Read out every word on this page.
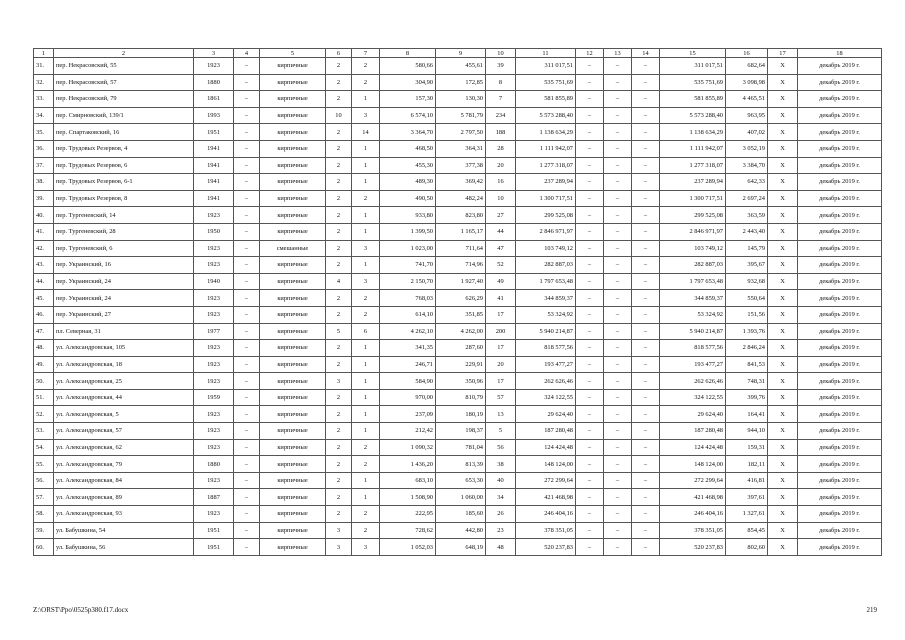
1	2	3	4	5	6	7	8	9	10	11	12	13	14	15	16	17	18
31.	пер. Некрасовский, 55	1923	–	кирпичные	2	2	580,66	455,61	39	311 017,51	–	–	–	311 017,51	682,64	Х	декабрь 2019 г.
32.	пер. Некрасовский, 57	1880	–	кирпичные	2	2	304,90	172,85	8	535 751,69	–	–	–	535 751,69	3 098,98	Х	декабрь 2019 г.
33.	пер. Некрасовский, 79	1861	–	кирпичные	2	1	157,30	130,30	7	581 855,89	–	–	–	581 855,89	4 465,51	Х	декабрь 2019 г.
34.	пер. Смирновский, 139/1	1993	–	кирпичные	10	3	6 574,10	5 781,79	234	5 573 288,40	–	–	–	5 573 288,40	963,95	Х	декабрь 2019 г.
35.	пер. Спартаковский, 16	1951	–	кирпичные	2	14	3 364,70	2 797,50	188	1 138 634,29	–	–	–	1 138 634,29	407,02	Х	декабрь 2019 г.
36.	пер. Трудовых Резервов, 4	1941	–	кирпичные	2	1	468,50	364,31	28	1 111 942,07	–	–	–	1 111 942,07	3 052,19	Х	декабрь 2019 г.
37.	пер. Трудовых Резервов, 6	1941	–	кирпичные	2	1	455,30	377,38	20	1 277 318,07	–	–	–	1 277 318,07	3 384,70	Х	декабрь 2019 г.
38.	пер. Трудовых Резервов, 6-1	1941	–	кирпичные	2	1	489,30	369,42	16	237 289,94	–	–	–	237 289,94	642,33	Х	декабрь 2019 г.
39.	пер. Трудовых Резервов, 8	1941	–	кирпичные	2	2	490,50	482,24	10	1 300 717,51	–	–	–	1 300 717,51	2 697,24	Х	декабрь 2019 г.
40.	пер. Тургеневский, 14	1923	–	кирпичные	2	1	933,80	823,80	27	299 525,08	–	–	–	299 525,08	363,59	Х	декабрь 2019 г.
41.	пер. Тургеневский, 28	1950	–	кирпичные	2	1	1 399,50	1 165,17	44	2 846 971,97	–	–	–	2 846 971,97	2 443,40	Х	декабрь 2019 г.
42.	пер. Тургеневский, 6	1923	–	смешанные	2	3	1 023,00	711,64	47	103 749,12	–	–	–	103 749,12	145,79	Х	декабрь 2019 г.
43.	пер. Украинский, 16	1923	–	кирпичные	2	1	741,70	714,96	52	282 887,03	–	–	–	282 887,03	395,67	Х	декабрь 2019 г.
44.	пер. Украинский, 24	1940	–	кирпичные	4	3	2 150,70	1 927,40	49	1 797 653,48	–	–	–	1 797 653,48	932,68	Х	декабрь 2019 г.
45.	пер. Украинский, 24	1923	–	кирпичные	2	2	768,03	626,29	41	344 859,37	–	–	–	344 859,37	550,64	Х	декабрь 2019 г.
46.	пер. Украинский, 27	1923	–	кирпичные	2	2	614,10	351,85	17	53 324,92	–	–	–	53 324,92	151,56	Х	декабрь 2019 г.
47.	пл. Северная, 31	1977	–	кирпичные	5	6	4 262,10	4 262,00	200	5 940 214,87	–	–	–	5 940 214,87	1 393,76	Х	декабрь 2019 г.
48.	ул. Александровская, 105	1923	–	кирпичные	2	1	341,35	287,60	17	818 577,56	–	–	–	818 577,56	2 846,24	Х	декабрь 2019 г.
49.	ул. Александровская, 18	1923	–	кирпичные	2	1	246,71	229,91	20	193 477,27	–	–	–	193 477,27	841,53	Х	декабрь 2019 г.
50.	ул. Александровская, 25	1923	–	кирпичные	3	1	584,90	350,96	17	262 626,46	–	–	–	262 626,46	748,31	Х	декабрь 2019 г.
51.	ул. Александровская, 44	1959	–	кирпичные	2	1	970,00	810,79	57	324 122,55	–	–	–	324 122,55	399,76	Х	декабрь 2019 г.
52.	ул. Александровская, 5	1923	–	кирпичные	2	1	237,09	180,19	13	29 624,40	–	–	–	29 624,40	164,41	Х	декабрь 2019 г.
53.	ул. Александровская, 57	1923	–	кирпичные	2	1	212,42	198,37	5	187 280,48	–	–	–	187 280,48	944,10	Х	декабрь 2019 г.
54.	ул. Александровская, 62	1923	–	кирпичные	2	2	1 090,32	781,04	56	124 424,48	–	–	–	124 424,48	159,31	Х	декабрь 2019 г.
55.	ул. Александровская, 79	1880	–	кирпичные	2	2	1 436,20	813,39	38	148 124,00	–	–	–	148 124,00	182,11	Х	декабрь 2019 г.
56.	ул. Александровская, 84	1923	–	кирпичные	2	1	683,10	653,30	40	272 299,64	–	–	–	272 299,64	416,81	Х	декабрь 2019 г.
57.	ул. Александровская, 89	1887	–	кирпичные	2	1	1 508,90	1 060,00	34	421 468,98	–	–	–	421 468,98	397,61	Х	декабрь 2019 г.
58.	ул. Александровская, 93	1923	–	кирпичные	2	2	222,95	185,60	26	246 404,16	–	–	–	246 404,16	1 327,61	Х	декабрь 2019 г.
59.	ул. Бабушкина, 54	1951	–	кирпичные	3	2	728,62	442,80	23	378 351,05	–	–	–	378 351,05	854,45	Х	декабрь 2019 г.
60.	ул. Бабушкина, 56	1951	–	кирпичные	3	3	1 052,03	648,19	48	520 237,83	–	–	–	520 237,83	802,60	Х	декабрь 2019 г.
Z:\ORST\Ppo\0525p380.f17.docx	219
